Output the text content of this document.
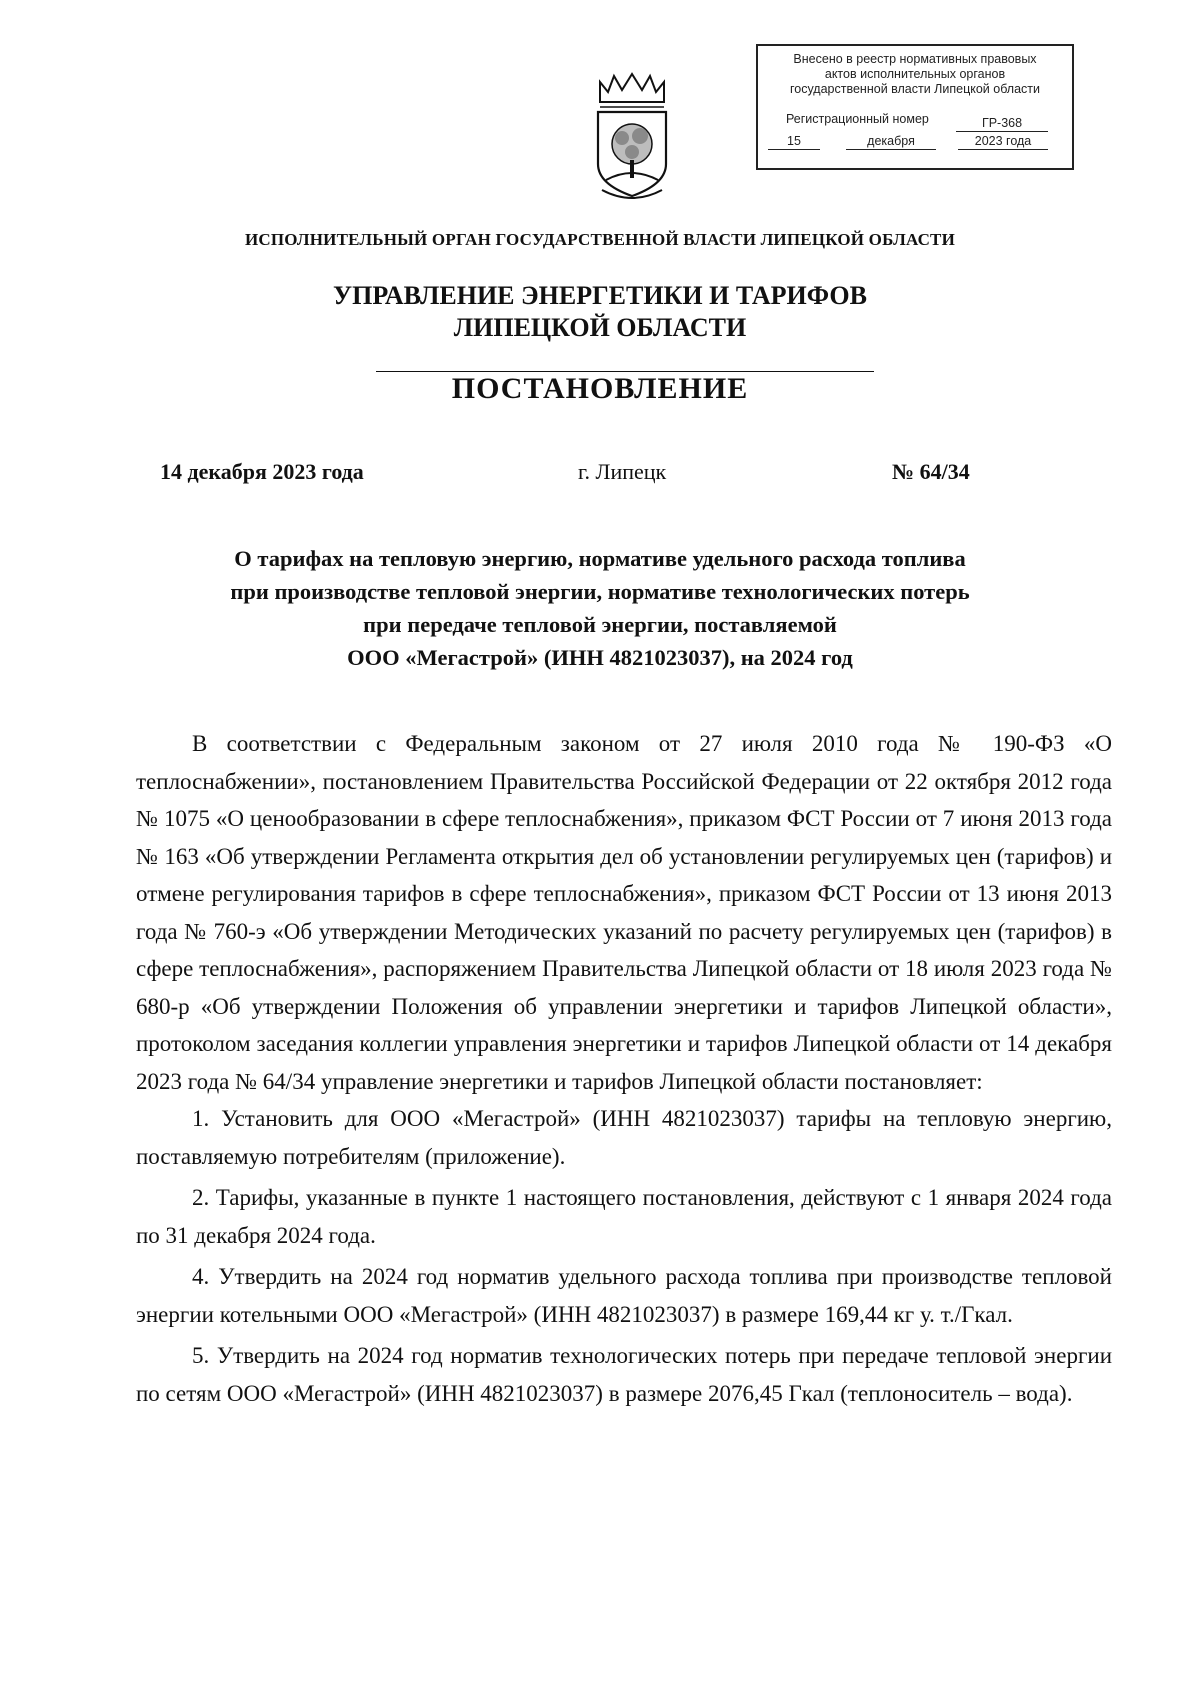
Внесено в реестр нормативных правовых
актов исполнительных органов
государственной власти Липецкой области
Регистрационный номер	ГР-368
15	декабря	2023 года
ИСПОЛНИТЕЛЬНЫЙ ОРГАН ГОСУДАРСТВЕННОЙ ВЛАСТИ ЛИПЕЦКОЙ ОБЛАСТИ
УПРАВЛЕНИЕ ЭНЕРГЕТИКИ И ТАРИФОВ
ЛИПЕЦКОЙ ОБЛАСТИ
ПОСТАНОВЛЕНИЕ
14 декабря 2023 года	г. Липецк	№ 64/34
О тарифах на тепловую энергию, нормативе удельного расхода топлива
при производстве тепловой энергии, нормативе технологических потерь
при передаче тепловой энергии, поставляемой
ООО «Мегастрой» (ИНН 4821023037), на 2024 год

В соответствии с Федеральным законом от 27 июля 2010 года № 190-ФЗ «О теплоснабжении», постановлением Правительства Российской Федерации от 22 октября 2012 года № 1075 «О ценообразовании в сфере теплоснабжения», приказом ФСТ России от 7 июня 2013 года № 163 «Об утверждении Регламента открытия дел об установлении регулируемых цен (тарифов) и отмене регулирования тарифов в сфере теплоснабжения», приказом ФСТ России от 13 июня 2013 года № 760-э «Об утверждении Методических указаний по расчету регулируемых цен (тарифов) в сфере теплоснабжения», распоряжением Правительства Липецкой области от 18 июля 2023 года № 680-р «Об утверждении Положения об управлении энергетики и тарифов Липецкой области», протоколом заседания коллегии управления энергетики и тарифов Липецкой области от 14 декабря 2023 года № 64/34 управление энергетики и тарифов Липецкой области постановляет:

1. Установить для ООО «Мегастрой» (ИНН 4821023037) тарифы на тепловую энергию, поставляемую потребителям (приложение).

2. Тарифы, указанные в пункте 1 настоящего постановления, действуют с 1 января 2024 года по 31 декабря 2024 года.

4. Утвердить на 2024 год норматив удельного расхода топлива при производстве тепловой энергии котельными ООО «Мегастрой» (ИНН 4821023037) в размере 169,44 кг у. т./Гкал.

5. Утвердить на 2024 год норматив технологических потерь при передаче тепловой энергии по сетям ООО «Мегастрой» (ИНН 4821023037) в размере 2076,45 Гкал (теплоноситель – вода).
